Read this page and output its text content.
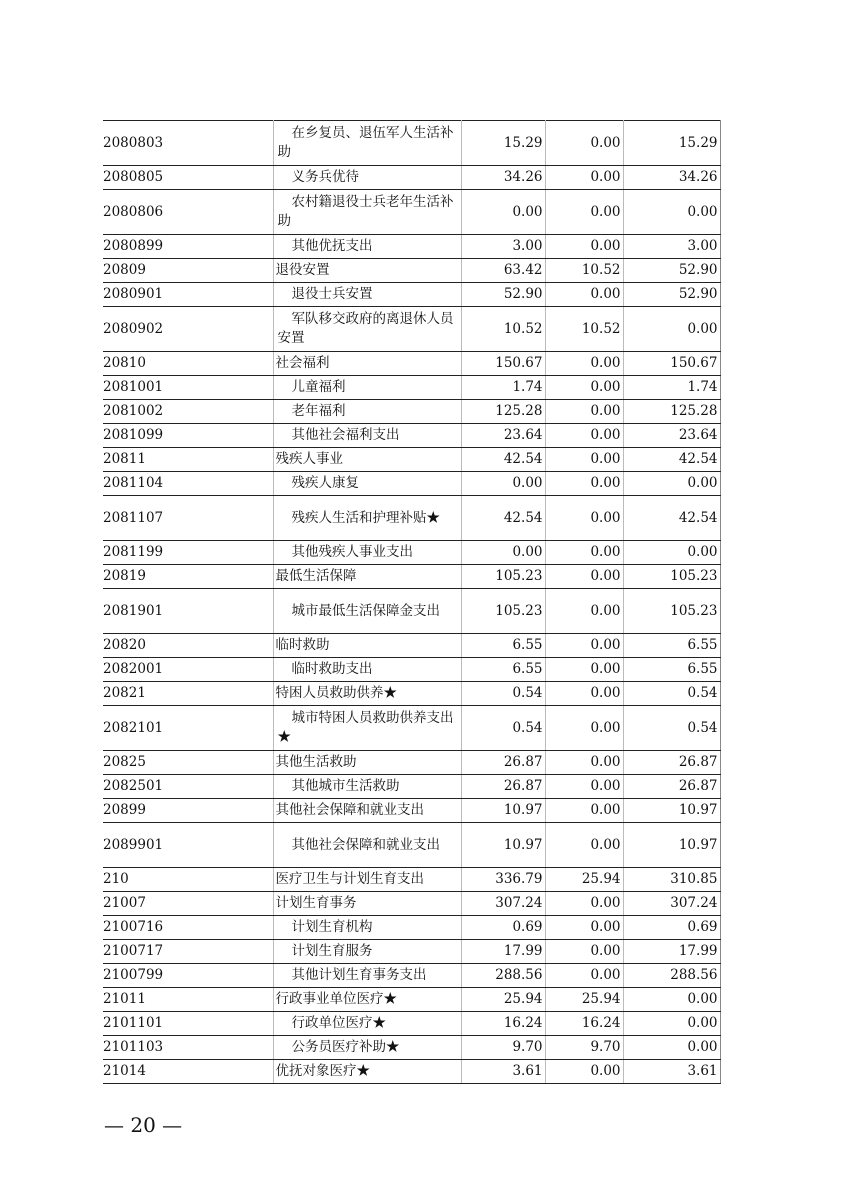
2080803	在乡复员、退伍军人生活补助	15.29	0.00	15.29
2080805	义务兵优待	34.26	0.00	34.26
2080806	农村籍退役士兵老年生活补助	0.00	0.00	0.00
2080899	其他优抚支出	3.00	0.00	3.00
20809	退役安置	63.42	10.52	52.90
2080901	退役士兵安置	52.90	0.00	52.90
2080902	军队移交政府的离退休人员安置	10.52	10.52	0.00
20810	社会福利	150.67	0.00	150.67
2081001	儿童福利	1.74	0.00	1.74
2081002	老年福利	125.28	0.00	125.28
2081099	其他社会福利支出	23.64	0.00	23.64
20811	残疾人事业	42.54	0.00	42.54
2081104	残疾人康复	0.00	0.00	0.00
2081107	残疾人生活和护理补贴★	42.54	0.00	42.54
2081199	其他残疾人事业支出	0.00	0.00	0.00
20819	最低生活保障	105.23	0.00	105.23
2081901	城市最低生活保障金支出	105.23	0.00	105.23
20820	临时救助	6.55	0.00	6.55
2082001	临时救助支出	6.55	0.00	6.55
20821	特困人员救助供养★	0.54	0.00	0.54
2082101	城市特困人员救助供养支出★	0.54	0.00	0.54
20825	其他生活救助	26.87	0.00	26.87
2082501	其他城市生活救助	26.87	0.00	26.87
20899	其他社会保障和就业支出	10.97	0.00	10.97
2089901	其他社会保障和就业支出	10.97	0.00	10.97
210	医疗卫生与计划生育支出	336.79	25.94	310.85
21007	计划生育事务	307.24	0.00	307.24
2100716	计划生育机构	0.69	0.00	0.69
2100717	计划生育服务	17.99	0.00	17.99
2100799	其他计划生育事务支出	288.56	0.00	288.56
21011	行政事业单位医疗★	25.94	25.94	0.00
2101101	行政单位医疗★	16.24	16.24	0.00
2101103	公务员医疗补助★	9.70	9.70	0.00
21014	优抚对象医疗★	3.61	0.00	3.61
— 20 —
